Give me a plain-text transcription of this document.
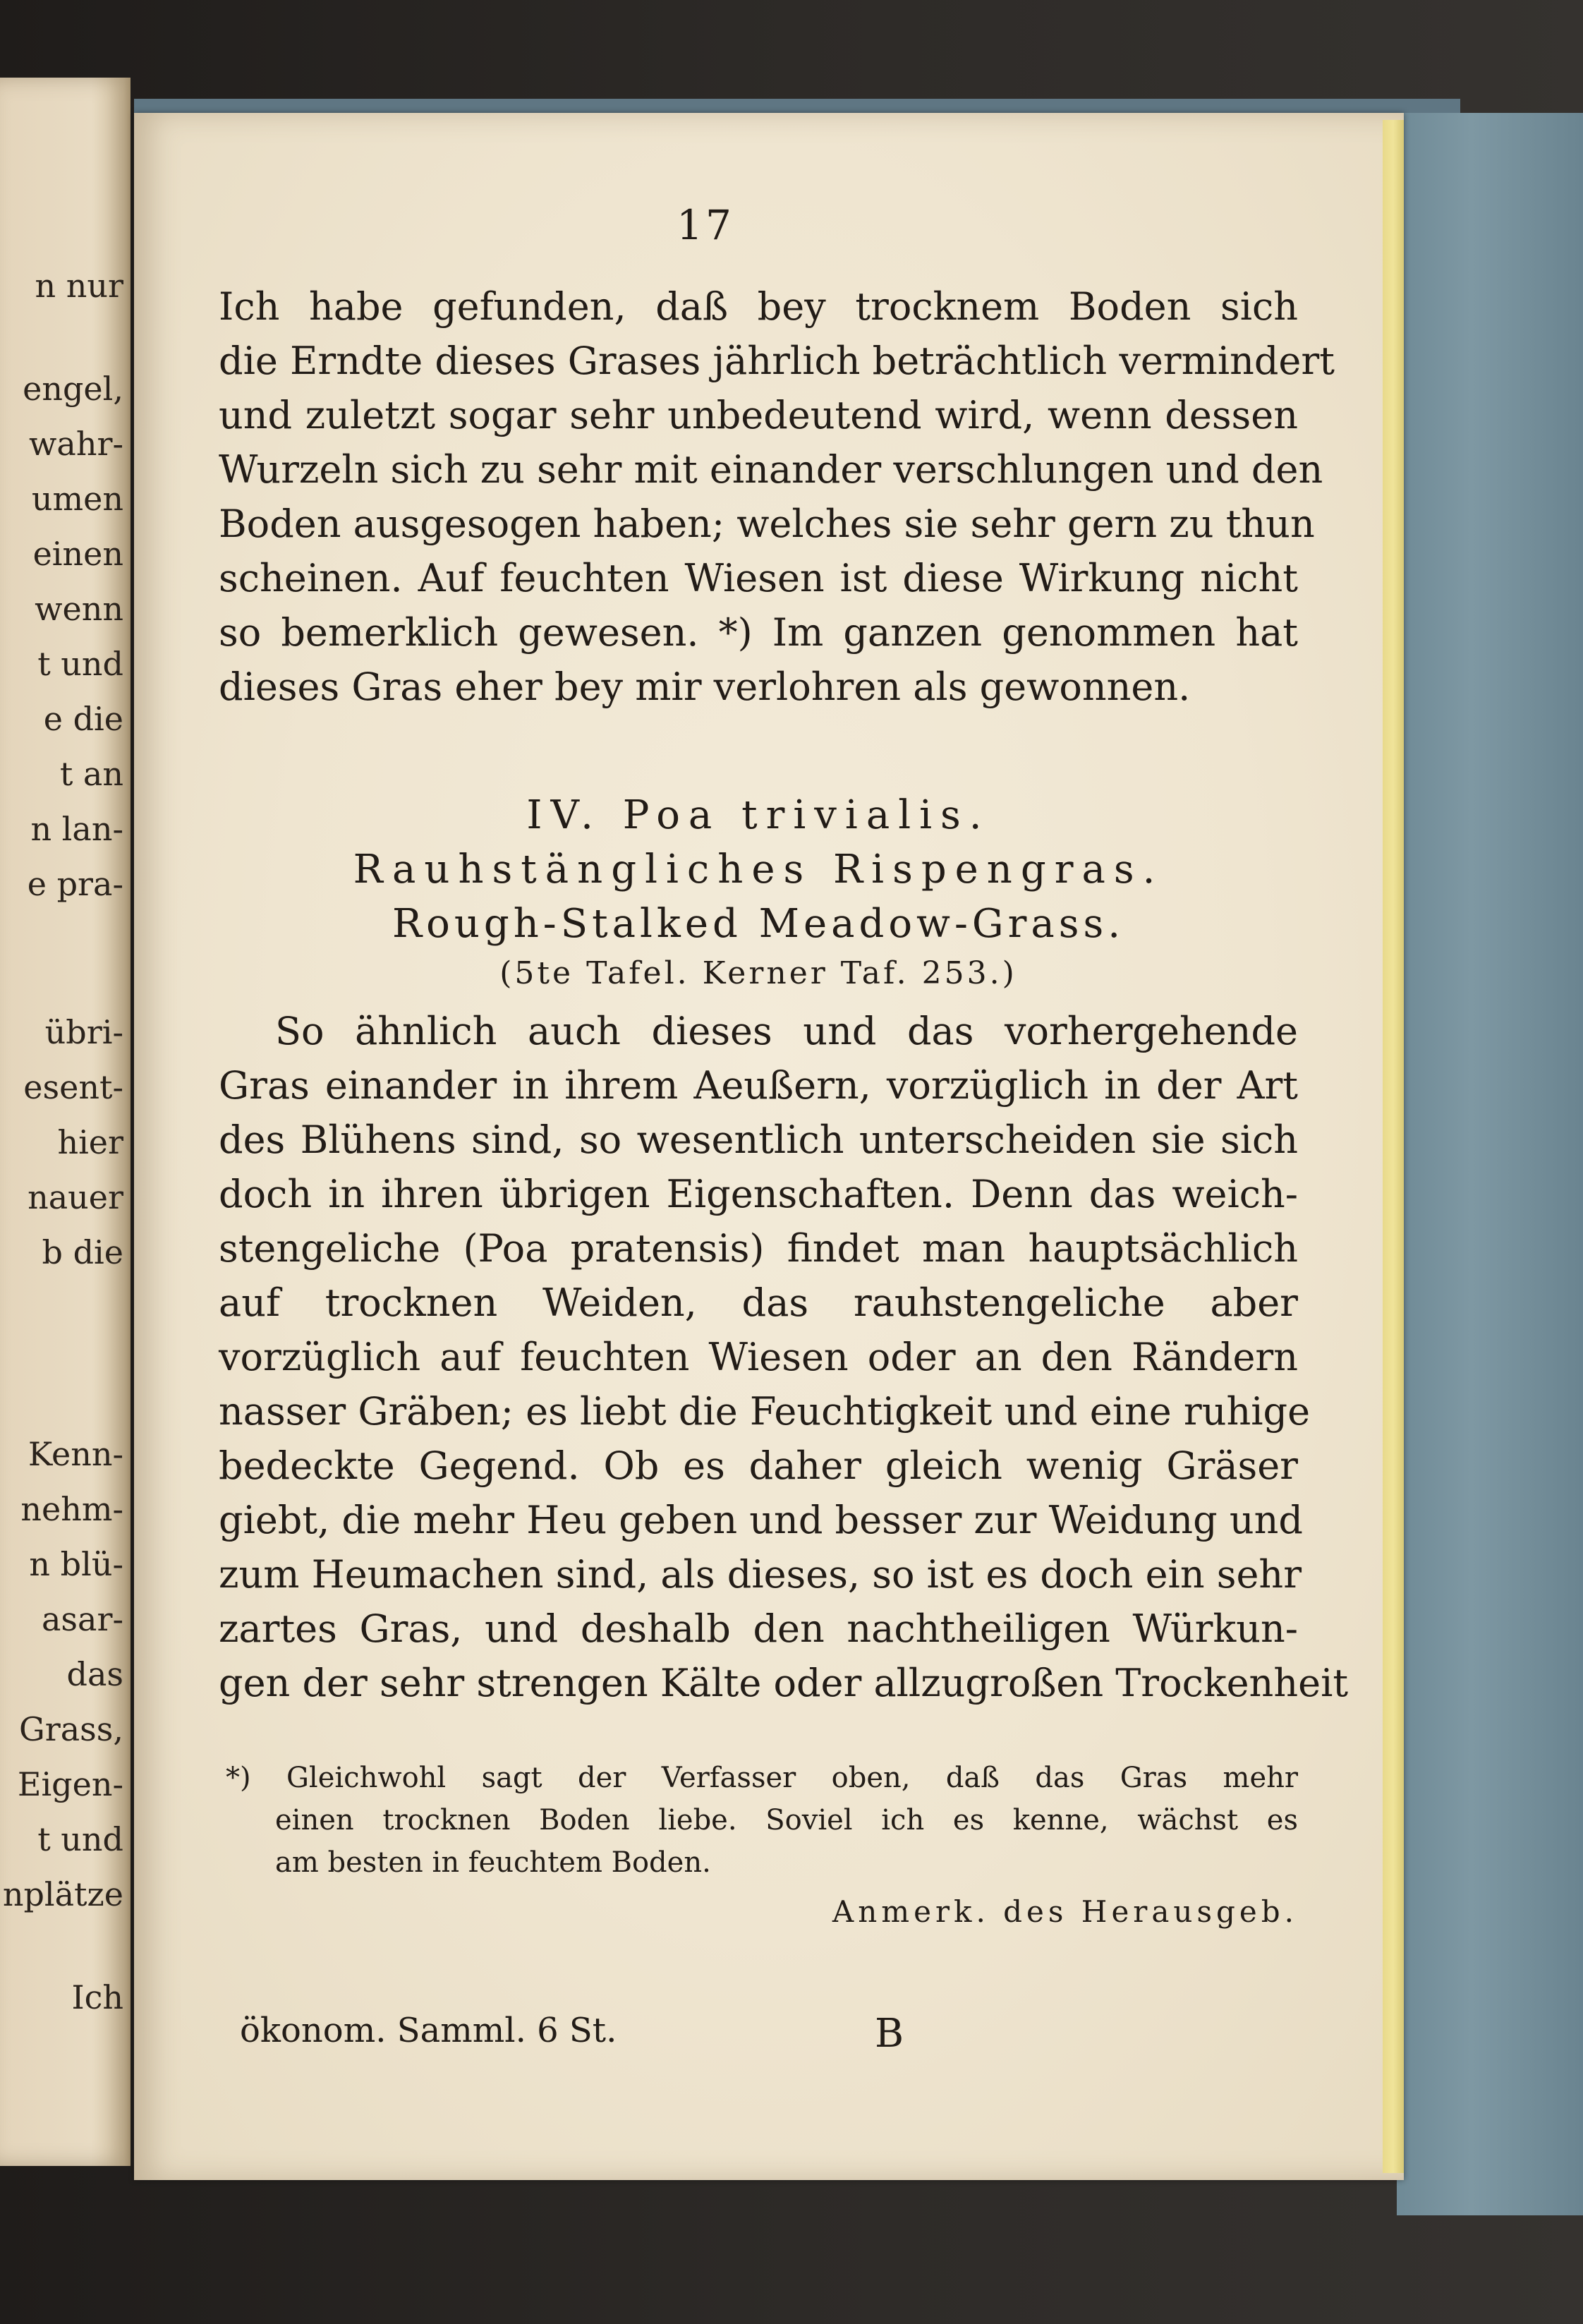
n nur
engel,
wahr-
umen
einen
wenn
t und
e die
t an
n lan-
e pra-
übri-
esent-
hier
nauer
b die
Kenn-
nehm-
n blü-
asar-
das
Grass,
Eigen-
t und
nplätze
Ich
17
Ich habe gefunden, daß bey trocknem Boden sich
die Erndte dieses Grases jährlich beträchtlich vermindert
und zuletzt sogar sehr unbedeutend wird, wenn dessen
Wurzeln sich zu sehr mit einander verschlungen und den
Boden ausgesogen haben; welches sie sehr gern zu thun
scheinen. Auf feuchten Wiesen ist diese Wirkung nicht
so bemerklich gewesen. *) Im ganzen genommen hat
dieses Gras eher bey mir verlohren als gewonnen.
IV. Poa trivialis.
Rauhstängliches Rispengras.
Rough-Stalked Meadow-Grass.
(5te Tafel. Kerner Taf. 253.)
So ähnlich auch dieses und das vorhergehende
Gras einander in ihrem Aeußern, vorzüglich in der Art
des Blühens sind, so wesentlich unterscheiden sie sich
doch in ihren übrigen Eigenschaften. Denn das weich-
stengeliche (Poa pratensis) findet man hauptsächlich
auf trocknen Weiden, das rauhstengeliche aber
vorzüglich auf feuchten Wiesen oder an den Rändern
nasser Gräben; es liebt die Feuchtigkeit und eine ruhige
bedeckte Gegend. Ob es daher gleich wenig Gräser
giebt, die mehr Heu geben und besser zur Weidung und
zum Heumachen sind, als dieses, so ist es doch ein sehr
zartes Gras, und deshalb den nachtheiligen Würkun-
gen der sehr strengen Kälte oder allzugroßen Trockenheit
*) Gleichwohl sagt der Verfasser oben, daß das Gras mehr
einen trocknen Boden liebe. Soviel ich es kenne, wächst es
am besten in feuchtem Boden.
Anmerk. des Herausgeb.
ökonom. Samml. 6 St.	B
